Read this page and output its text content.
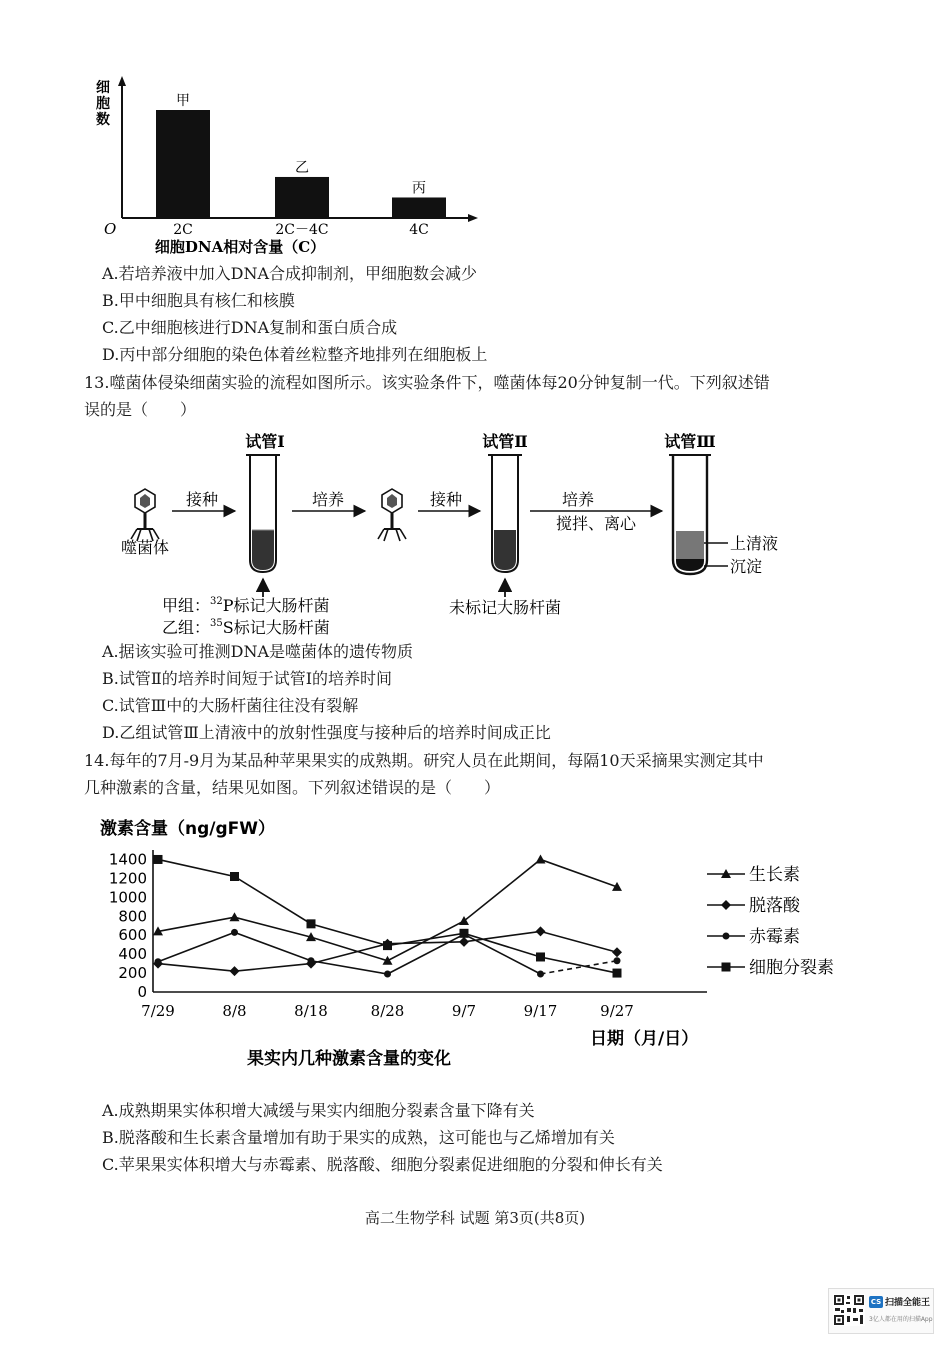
细
胞
数
甲
2C
乙
2C－4C
丙
4C
O
细胞DNA相对含量（C）
A.若培养液中加入DNA合成抑制剂，甲细胞数会减少
B.甲中细胞具有核仁和核膜
C.乙中细胞核进行DNA复制和蛋白质合成
D.丙中部分细胞的染色体着丝粒整齐地排列在细胞板上
13.噬菌体侵染细菌实验的流程如图所示。该实验条件下，噬菌体每20分钟复制一代。下列叙述错
误的是（　　）
试管Ⅰ	试管Ⅱ	试管Ⅲ
噬菌体
接种	培养	接种	培养
搅拌、离心
上清液
沉淀
甲组：$^{32}$P标记大肠杆菌
乙组：$^{35}$S标记大肠杆菌
未标记大肠杆菌
A.据该实验可推测DNA是噬菌体的遗传物质
B.试管Ⅱ的培养时间短于试管Ⅰ的培养时间
C.试管Ⅲ中的大肠杆菌往往没有裂解
D.乙组试管Ⅲ上清液中的放射性强度与接种后的培养时间成正比
14.每年的7月-9月为某品种苹果果实的成熟期。研究人员在此期间，每隔10天采摘果实测定其中
几种激素的含量，结果见如图。下列叙述错误的是（　　）
激素含量（ng/gFW）
0
200
400
600
800
1000
1200
1400
7/29	8/8	8/18	8/28	9/7	9/17	9/27
生长素
脱落酸
赤霉素
细胞分裂素
日期（月/日）
果实内几种激素含量的变化
A.成熟期果实体积增大减缓与果实内细胞分裂素含量下降有关
B.脱落酸和生长素含量增加有助于果实的成熟，这可能也与乙烯增加有关
C.苹果果实体积增大与赤霉素、脱落酸、细胞分裂素促进细胞的分裂和伸长有关
高二生物学科 试题 第3页(共8页)
CS 扫描全能王
3亿人都在用的扫描App
